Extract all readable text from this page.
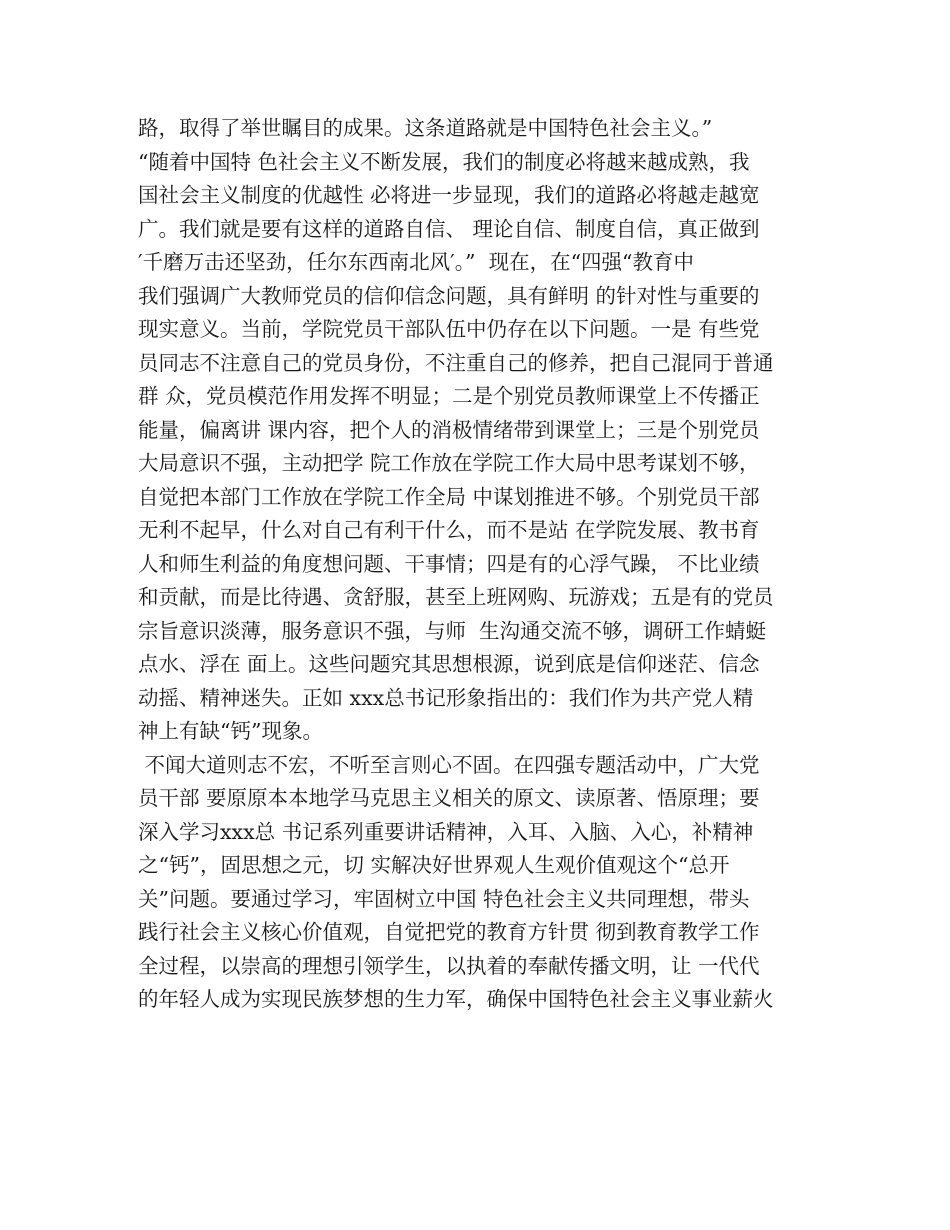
路，取得了举世瞩目的成果。这条道路就是中国特色社会主义。”
“随着中国特 色社会主义不断发展，我们的制度必将越来越成熟，我
国社会主义制度的优越性 必将进一步显现，我们的道路必将越走越宽
广。我们就是要有这样的道路自信、 理论自信、制度自信，真正做到
′千磨万击还坚劲，任尔东西南北风′。”  现在，在“四强“教育中
我们强调广大教师党员的信仰信念问题，具有鲜明 的针对性与重要的
现实意义。当前，学院党员干部队伍中仍存在以下问题。一是 有些党
员同志不注意自己的党员身份，不注重自己的修养，把自己混同于普通
群 众，党员模范作用发挥不明显；二是个别党员教师课堂上不传播正
能量，偏离讲 课内容，把个人的消极情绪带到课堂上；三是个别党员
大局意识不强，主动把学 院工作放在学院工作大局中思考谋划不够，
自觉把本部门工作放在学院工作全局 中谋划推进不够。个别党员干部
无利不起早，什么对自己有利干什么，而不是站 在学院发展、教书育
人和师生利益的角度想问题、干事情；四是有的心浮气躁， 不比业绩
和贡献，而是比待遇、贪舒服，甚至上班网购、玩游戏；五是有的党员
宗旨意识淡薄，服务意识不强，与师  生沟通交流不够，调研工作蜻蜓
点水、浮在 面上。这些问题究其思想根源，说到底是信仰迷茫、信念
动摇、精神迷失。正如 xxx总书记形象指出的：我们作为共产党人精
神上有缺“钙”现象。
不闻大道则志不宏，不听至言则心不固。在四强专题活动中，广大党
员干部 要原原本本地学马克思主义相关的原文、读原著、悟原理；要
深入学习xxx总 书记系列重要讲话精神，入耳、入脑、入心，补精神
之“钙”，固思想之元，切 实解决好世界观人生观价值观这个“总开
关”问题。要通过学习，牢固树立中国 特色社会主义共同理想，带头
践行社会主义核心价值观，自觉把党的教育方针贯 彻到教育教学工作
全过程，以崇高的理想引领学生，以执着的奉献传播文明，让 一代代
的年轻人成为实现民族梦想的生力军，确保中国特色社会主义事业薪火
